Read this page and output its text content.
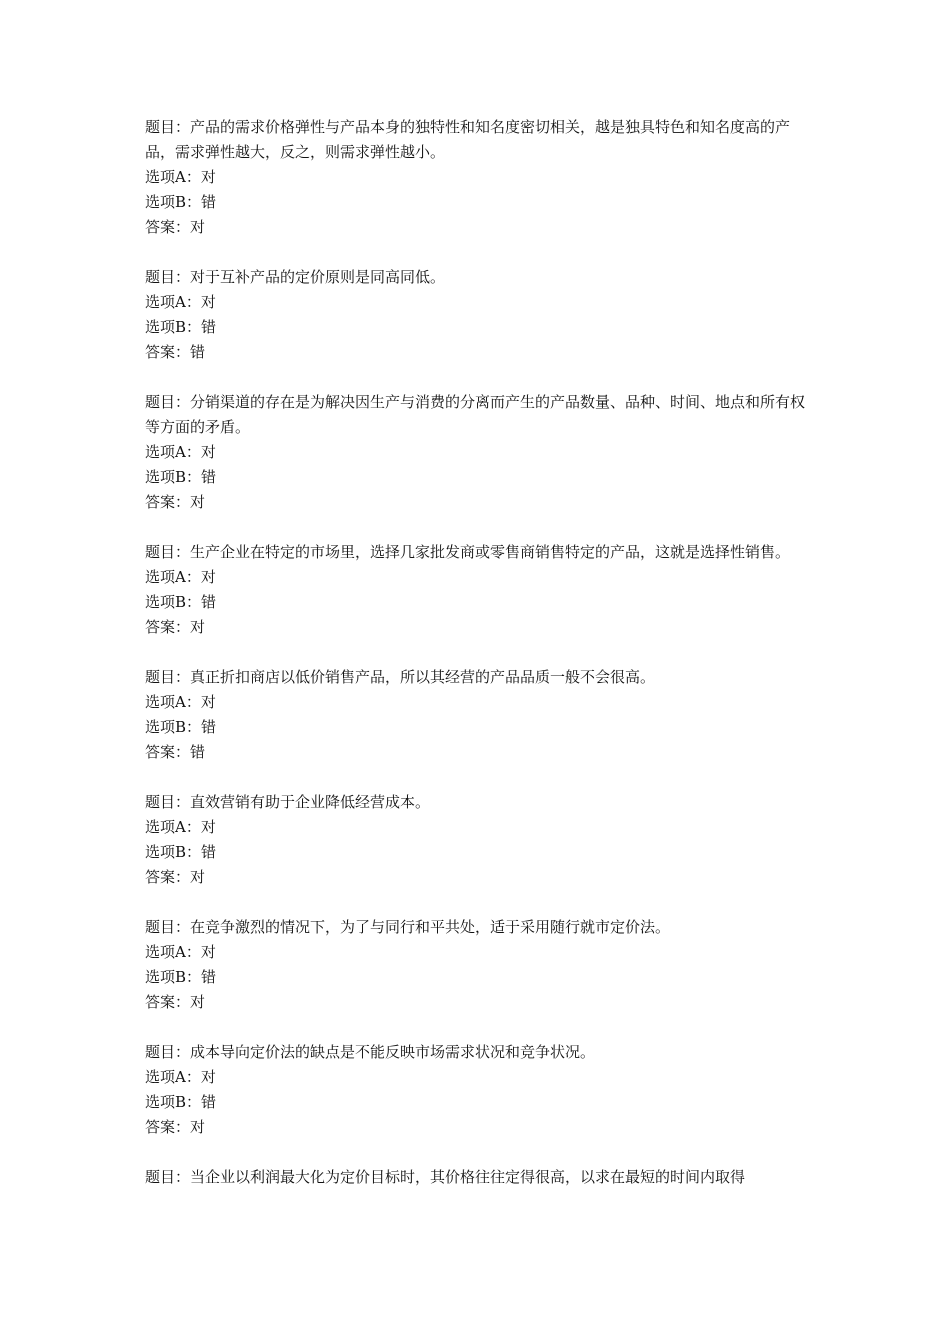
题目：产品的需求价格弹性与产品本身的独特性和知名度密切相关，越是独具特色和知名度高的产品，需求弹性越大，反之，则需求弹性越小。
选项A：对
选项B：错
答案：对
题目：对于互补产品的定价原则是同高同低。
选项A：对
选项B：错
答案：错
题目：分销渠道的存在是为解决因生产与消费的分离而产生的产品数量、品种、时间、地点和所有权等方面的矛盾。
选项A：对
选项B：错
答案：对
题目：生产企业在特定的市场里，选择几家批发商或零售商销售特定的产品，这就是选择性销售。
选项A：对
选项B：错
答案：对
题目：真正折扣商店以低价销售产品，所以其经营的产品品质一般不会很高。
选项A：对
选项B：错
答案：错
题目：直效营销有助于企业降低经营成本。
选项A：对
选项B：错
答案：对
题目：在竞争激烈的情况下，为了与同行和平共处，适于采用随行就市定价法。
选项A：对
选项B：错
答案：对
题目：成本导向定价法的缺点是不能反映市场需求状况和竞争状况。
选项A：对
选项B：错
答案：对
题目：当企业以利润最大化为定价目标时，其价格往往定得很高，以求在最短的时间内取得
